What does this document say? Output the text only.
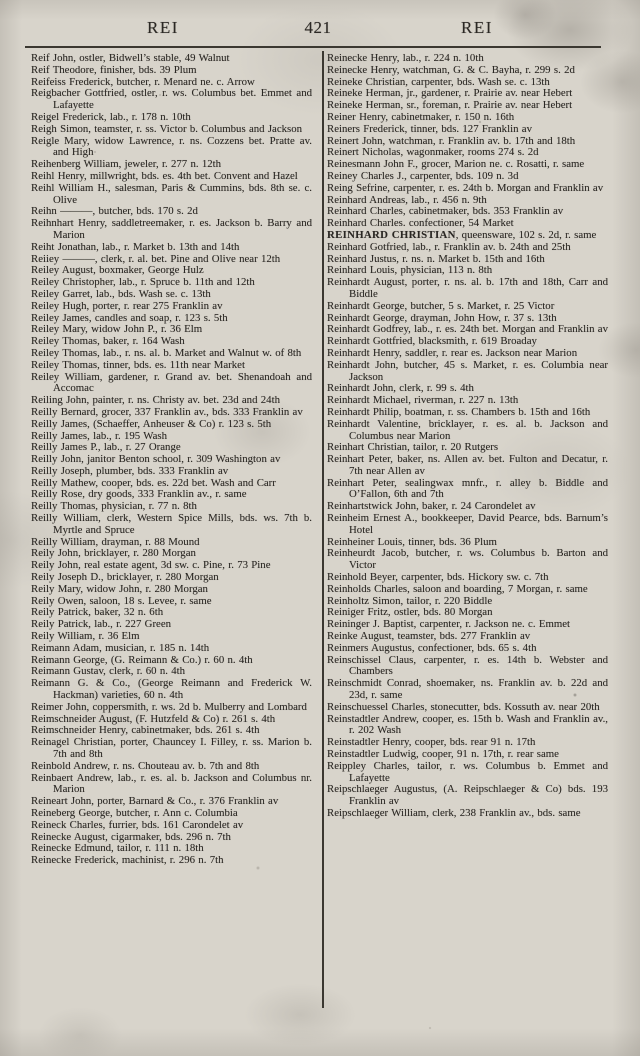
REI	421	REI

Reif John, ostler, Bidwell’s stable, 49 Walnut

Reif Theodore, finisher, bds. 39 Plum

Reifeiss Frederick, butcher, r. Menard ne. c. Arrow

Reigbacher Gottfried, ostler, r. ws. Columbus bet. Emmet and Lafayette

Reigel Frederick, lab., r. 178 n. 10th

Reigh Simon, teamster, r. ss. Victor b. Columbus and Jackson

Reigle Mary, widow Lawrence, r. ns. Cozzens bet. Pratte av. and High

Reihenberg William, jeweler, r. 277 n. 12th

Reihl Henry, millwright, bds. es. 4th bet. Convent and Hazel

Reihl William H., salesman, Paris & Cummins, bds. 8th se. c. Olive

Reihn ———, butcher, bds. 170 s. 2d

Reihnhart Henry, saddletreemaker, r. es. Jackson b. Barry and Marion

Reiht Jonathan, lab., r. Market b. 13th and 14th

Reiiey ———, clerk, r. al. bet. Pine and Olive near 12th

Reiley August, boxmaker, George Hulz

Reiley Christopher, lab., r. Spruce b. 11th and 12th

Reiley Garret, lab., bds. Wash se. c. 13th

Reiley Hugh, porter, r. rear 275 Franklin av

Reiley James, candles and soap, r. 123 s. 5th

Reiley Mary, widow John P., r. 36 Elm

Reiley Thomas, baker, r. 164 Wash

Reiley Thomas, lab., r. ns. al. b. Market and Walnut w. of 8th

Reiley Thomas, tinner, bds. es. 11th near Market

Reiley William, gardener, r. Grand av. bet. Shenandoah and Accomac

Reiling John, painter, r. ns. Christy av. bet. 23d and 24th

Reilly Bernard, grocer, 337 Franklin av., bds. 333 Franklin av

Reilly James, (Schaeffer, Anheuser & Co) r. 123 s. 5th

Reilly James, lab., r. 195 Wash

Reilly James P., lab., r. 27 Orange

Reilly John, janitor Benton school, r. 309 Washington av

Reilly Joseph, plumber, bds. 333 Franklin av

Reilly Mathew, cooper, bds. es. 22d bet. Wash and Carr

Reilly Rose, dry goods, 333 Franklin av., r. same

Reilly Thomas, physician, r. 77 n. 8th

Reilly William, clerk, Western Spice Mills, bds. ws. 7th b. Myrtle and Spruce

Reilly William, drayman, r. 88 Mound

Reily John, bricklayer, r. 280 Morgan

Reily John, real estate agent, 3d sw. c. Pine, r. 73 Pine

Reily Joseph D., bricklayer, r. 280 Morgan

Reily Mary, widow John, r. 280 Morgan

Reily Owen, saloon, 18 s. Levee, r. same

Reily Patrick, baker, 32 n. 6th

Reily Patrick, lab., r. 227 Green

Reily William, r. 36 Elm

Reimann Adam, musician, r. 185 n. 14th

Reimann George, (G. Reimann & Co.) r. 60 n. 4th

Reimann Gustav, clerk, r. 60 n. 4th

Reimann G. & Co., (George Reimann and Frederick W. Hackman) varieties, 60 n. 4th

Reimer John, coppersmith, r. ws. 2d b. Mulberry and Lombard

Reimschneider August, (F. Hutzfeld & Co) r. 261 s. 4th

Reimschneider Henry, cabinetmaker, bds. 261 s. 4th

Reinagel Christian, porter, Chauncey I. Filley, r. ss. Marion b. 7th and 8th

Reinbold Andrew, r. ns. Chouteau av. b. 7th and 8th

Reinbaert Andrew, lab., r. es. al. b. Jackson and Columbus nr. Marion

Reineart John, porter, Barnard & Co., r. 376 Franklin av

Reineberg George, butcher, r. Ann c. Columbia

Reineck Charles, furrier, bds. 161 Carondelet av

Reinecke August, cigarmaker, bds. 296 n. 7th

Reinecke Edmund, tailor, r. 111 n. 18th

Reinecke Frederick, machinist, r. 296 n. 7th

Reinecke Henry, lab., r. 224 n. 10th

Reinecke Henry, watchman, G. & C. Bayha, r. 299 s. 2d

Reineke Christian, carpenter, bds. Wash se. c. 13th

Reineke Herman, jr., gardener, r. Prairie av. near Hebert

Reineke Herman, sr., foreman, r. Prairie av. near Hebert

Reiner Henry, cabinetmaker, r. 150 n. 16th

Reiners Frederick, tinner, bds. 127 Franklin av

Reinert John, watchman, r. Franklin av. b. 17th and 18th

Reinert Nicholas, wagonmaker, rooms 274 s. 2d

Reinesmann John F., grocer, Marion ne. c. Rosatti, r. same

Reiney Charles J., carpenter, bds. 109 n. 3d

Reing Sefrine, carpenter, r. es. 24th b. Morgan and Franklin av

Reinhard Andreas, lab., r. 456 n. 9th

Reinhard Charles, cabinetmaker, bds. 353 Franklin av

Reinhard Charles. confectioner, 54 Market

REINHARD CHRISTIAN, queensware, 102 s. 2d, r. same

Reinhard Gotfried, lab., r. Franklin av. b. 24th and 25th

Reinhard Justus, r. ns. n. Market b. 15th and 16th

Reinhard Louis, physician, 113 n. 8th

Reinhardt August, porter, r. ns. al. b. 17th and 18th, Carr and Biddle

Reinhardt George, butcher, 5 s. Market, r. 25 Victor

Reinhardt George, drayman, John How, r. 37 s. 13th

Reinhardt Godfrey, lab., r. es. 24th bet. Morgan and Franklin av

Reinhardt Gottfried, blacksmith, r. 619 Broaday

Reinhardt Henry, saddler, r. rear es. Jackson near Marion

Reinhardt John, butcher, 45 s. Market, r. es. Columbia near Jackson

Reinhardt John, clerk, r. 99 s. 4th

Reinhardt Michael, riverman, r. 227 n. 13th

Reinhardt Philip, boatman, r. ss. Chambers b. 15th and 16th

Reinhardt Valentine, bricklayer, r. es. al. b. Jackson and Columbus near Marion

Reinhart Christian, tailor, r. 20 Rutgers

Reinhart Peter, baker, ns. Allen av. bet. Fulton and Decatur, r. 7th near Allen av

Reinhart Peter, sealingwax mnfr., r. alley b. Biddle and O’Fallon, 6th and 7th

Reinhartstwick John, baker, r. 24 Carondelet av

Reinheim Ernest A., bookkeeper, David Pearce, bds. Barnum’s Hotel

Reinheiner Louis, tinner, bds. 36 Plum

Reinheurdt Jacob, butcher, r. ws. Columbus b. Barton and Victor

Reinhold Beyer, carpenter, bds. Hickory sw. c. 7th

Reinholds Charles, saloon and boarding, 7 Morgan, r. same

Reinholtz Simon, tailor, r. 220 Biddle

Reiniger Fritz, ostler, bds. 80 Morgan

Reininger J. Baptist, carpenter, r. Jackson ne. c. Emmet

Reinke August, teamster, bds. 277 Franklin av

Reinmers Augustus, confectioner, bds. 65 s. 4th

Reinschissel Claus, carpenter, r. es. 14th b. Webster and Chambers

Reinschmidt Conrad, shoemaker, ns. Franklin av. b. 22d and 23d, r. same

Reinschuessel Charles, stonecutter, bds. Kossuth av. near 20th

Reinstadtler Andrew, cooper, es. 15th b. Wash and Franklin av., r. 202 Wash

Reinstadtler Henry, cooper, bds. rear 91 n. 17th

Reinstadtler Ludwig, cooper, 91 n. 17th, r. rear same

Reippley Charles, tailor, r. ws. Columbus b. Emmet and Lafayette

Reipschlaeger Augustus, (A. Reipschlaeger & Co) bds. 193 Franklin av

Reipschlaeger William, clerk, 238 Franklin av., bds. same
